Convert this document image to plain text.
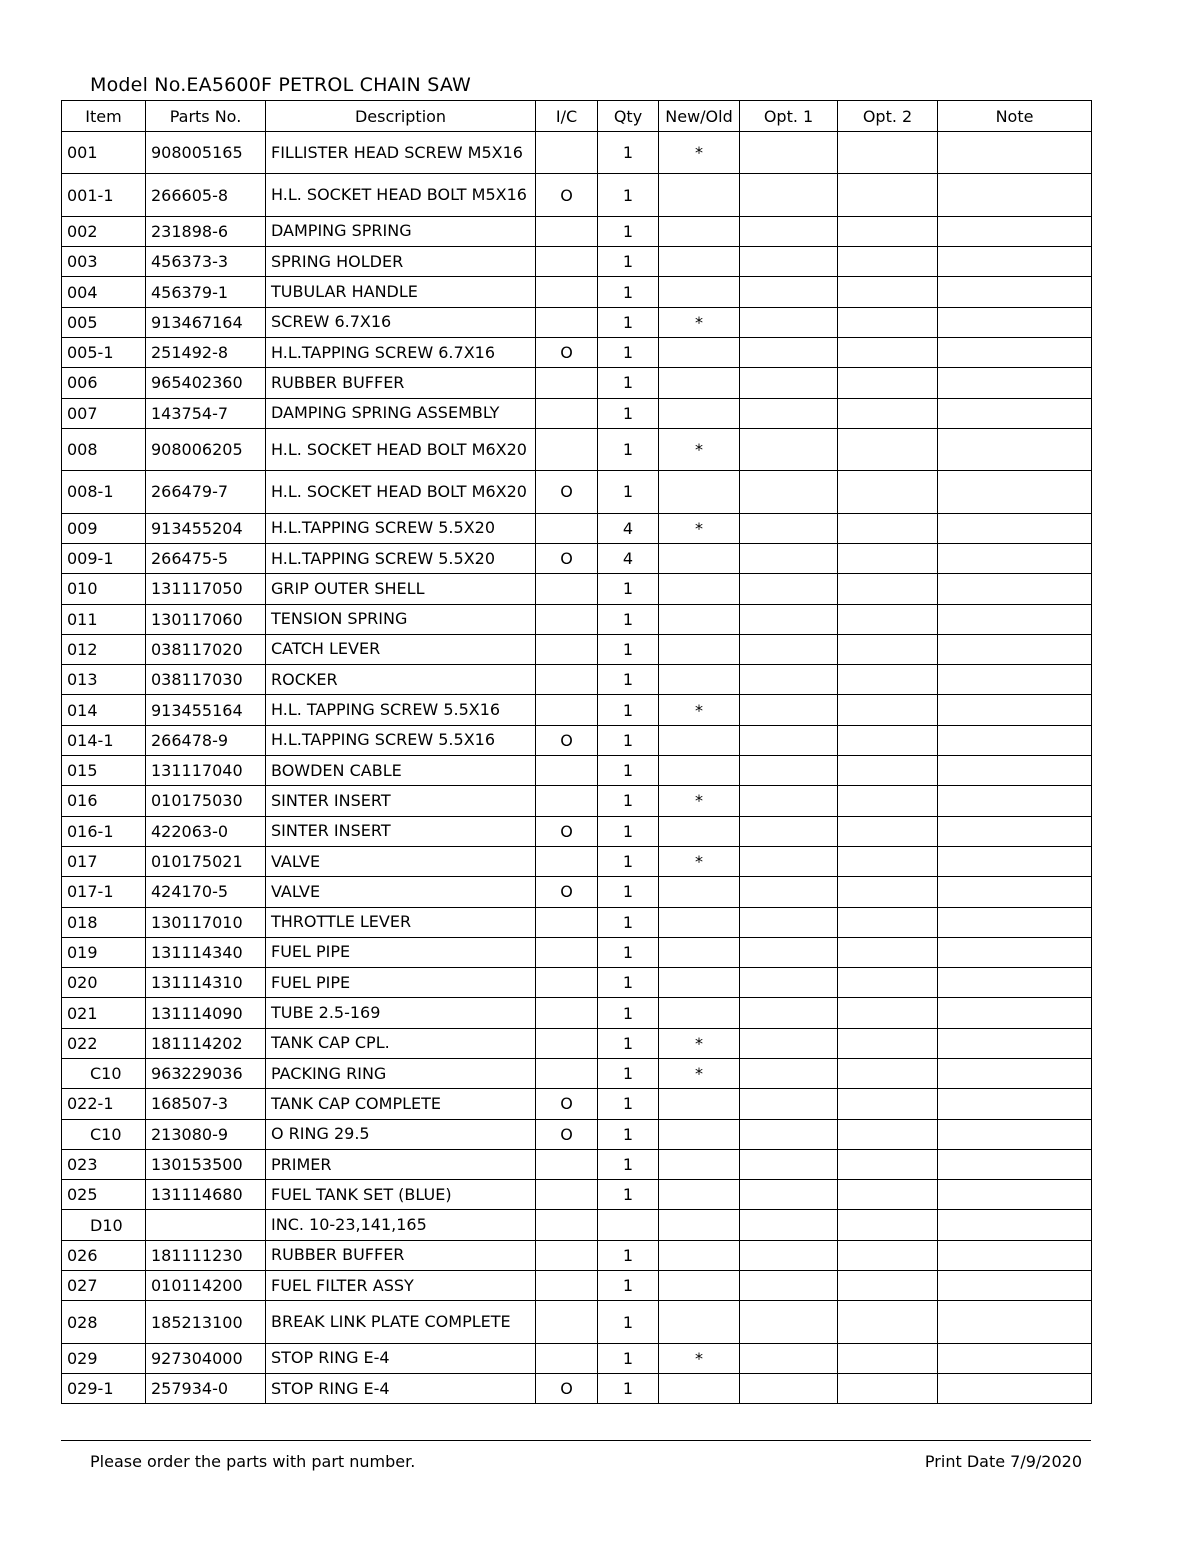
Model No.EA5600F PETROL CHAIN SAW
Item	Parts No.	Description	I/C	Qty	New/Old	Opt. 1	Opt. 2	Note
001	908005165	FILLISTER HEAD SCREW M5X16		1	*			
001-1	266605-8	H.L. SOCKET HEAD BOLT M5X16	O	1				
002	231898-6	DAMPING SPRING		1				
003	456373-3	SPRING HOLDER		1				
004	456379-1	TUBULAR HANDLE		1				
005	913467164	SCREW 6.7X16		1	*			
005-1	251492-8	H.L.TAPPING SCREW 6.7X16	O	1				
006	965402360	RUBBER BUFFER		1				
007	143754-7	DAMPING SPRING ASSEMBLY		1				
008	908006205	H.L. SOCKET HEAD BOLT M6X20		1	*			
008-1	266479-7	H.L. SOCKET HEAD BOLT M6X20	O	1				
009	913455204	H.L.TAPPING SCREW 5.5X20		4	*			
009-1	266475-5	H.L.TAPPING SCREW 5.5X20	O	4				
010	131117050	GRIP OUTER SHELL		1				
011	130117060	TENSION SPRING		1				
012	038117020	CATCH LEVER		1				
013	038117030	ROCKER		1				
014	913455164	H.L. TAPPING SCREW 5.5X16		1	*			
014-1	266478-9	H.L.TAPPING SCREW 5.5X16	O	1				
015	131117040	BOWDEN CABLE		1				
016	010175030	SINTER INSERT		1	*			
016-1	422063-0	SINTER INSERT	O	1				
017	010175021	VALVE		1	*			
017-1	424170-5	VALVE	O	1				
018	130117010	THROTTLE LEVER		1				
019	131114340	FUEL PIPE		1				
020	131114310	FUEL PIPE		1				
021	131114090	TUBE 2.5-169		1				
022	181114202	TANK CAP CPL.		1	*			
C10	963229036	PACKING RING		1	*			
022-1	168507-3	TANK CAP COMPLETE	O	1				
C10	213080-9	O RING 29.5	O	1				
023	130153500	PRIMER		1				
025	131114680	FUEL TANK SET (BLUE)		1				
D10		INC. 10-23,141,165						
026	181111230	RUBBER BUFFER		1				
027	010114200	FUEL FILTER ASSY		1				
028	185213100	BREAK LINK PLATE COMPLETE		1				
029	927304000	STOP RING E-4		1	*			
029-1	257934-0	STOP RING E-4	O	1				
Please order the parts with part number.	Print Date 7/9/2020
